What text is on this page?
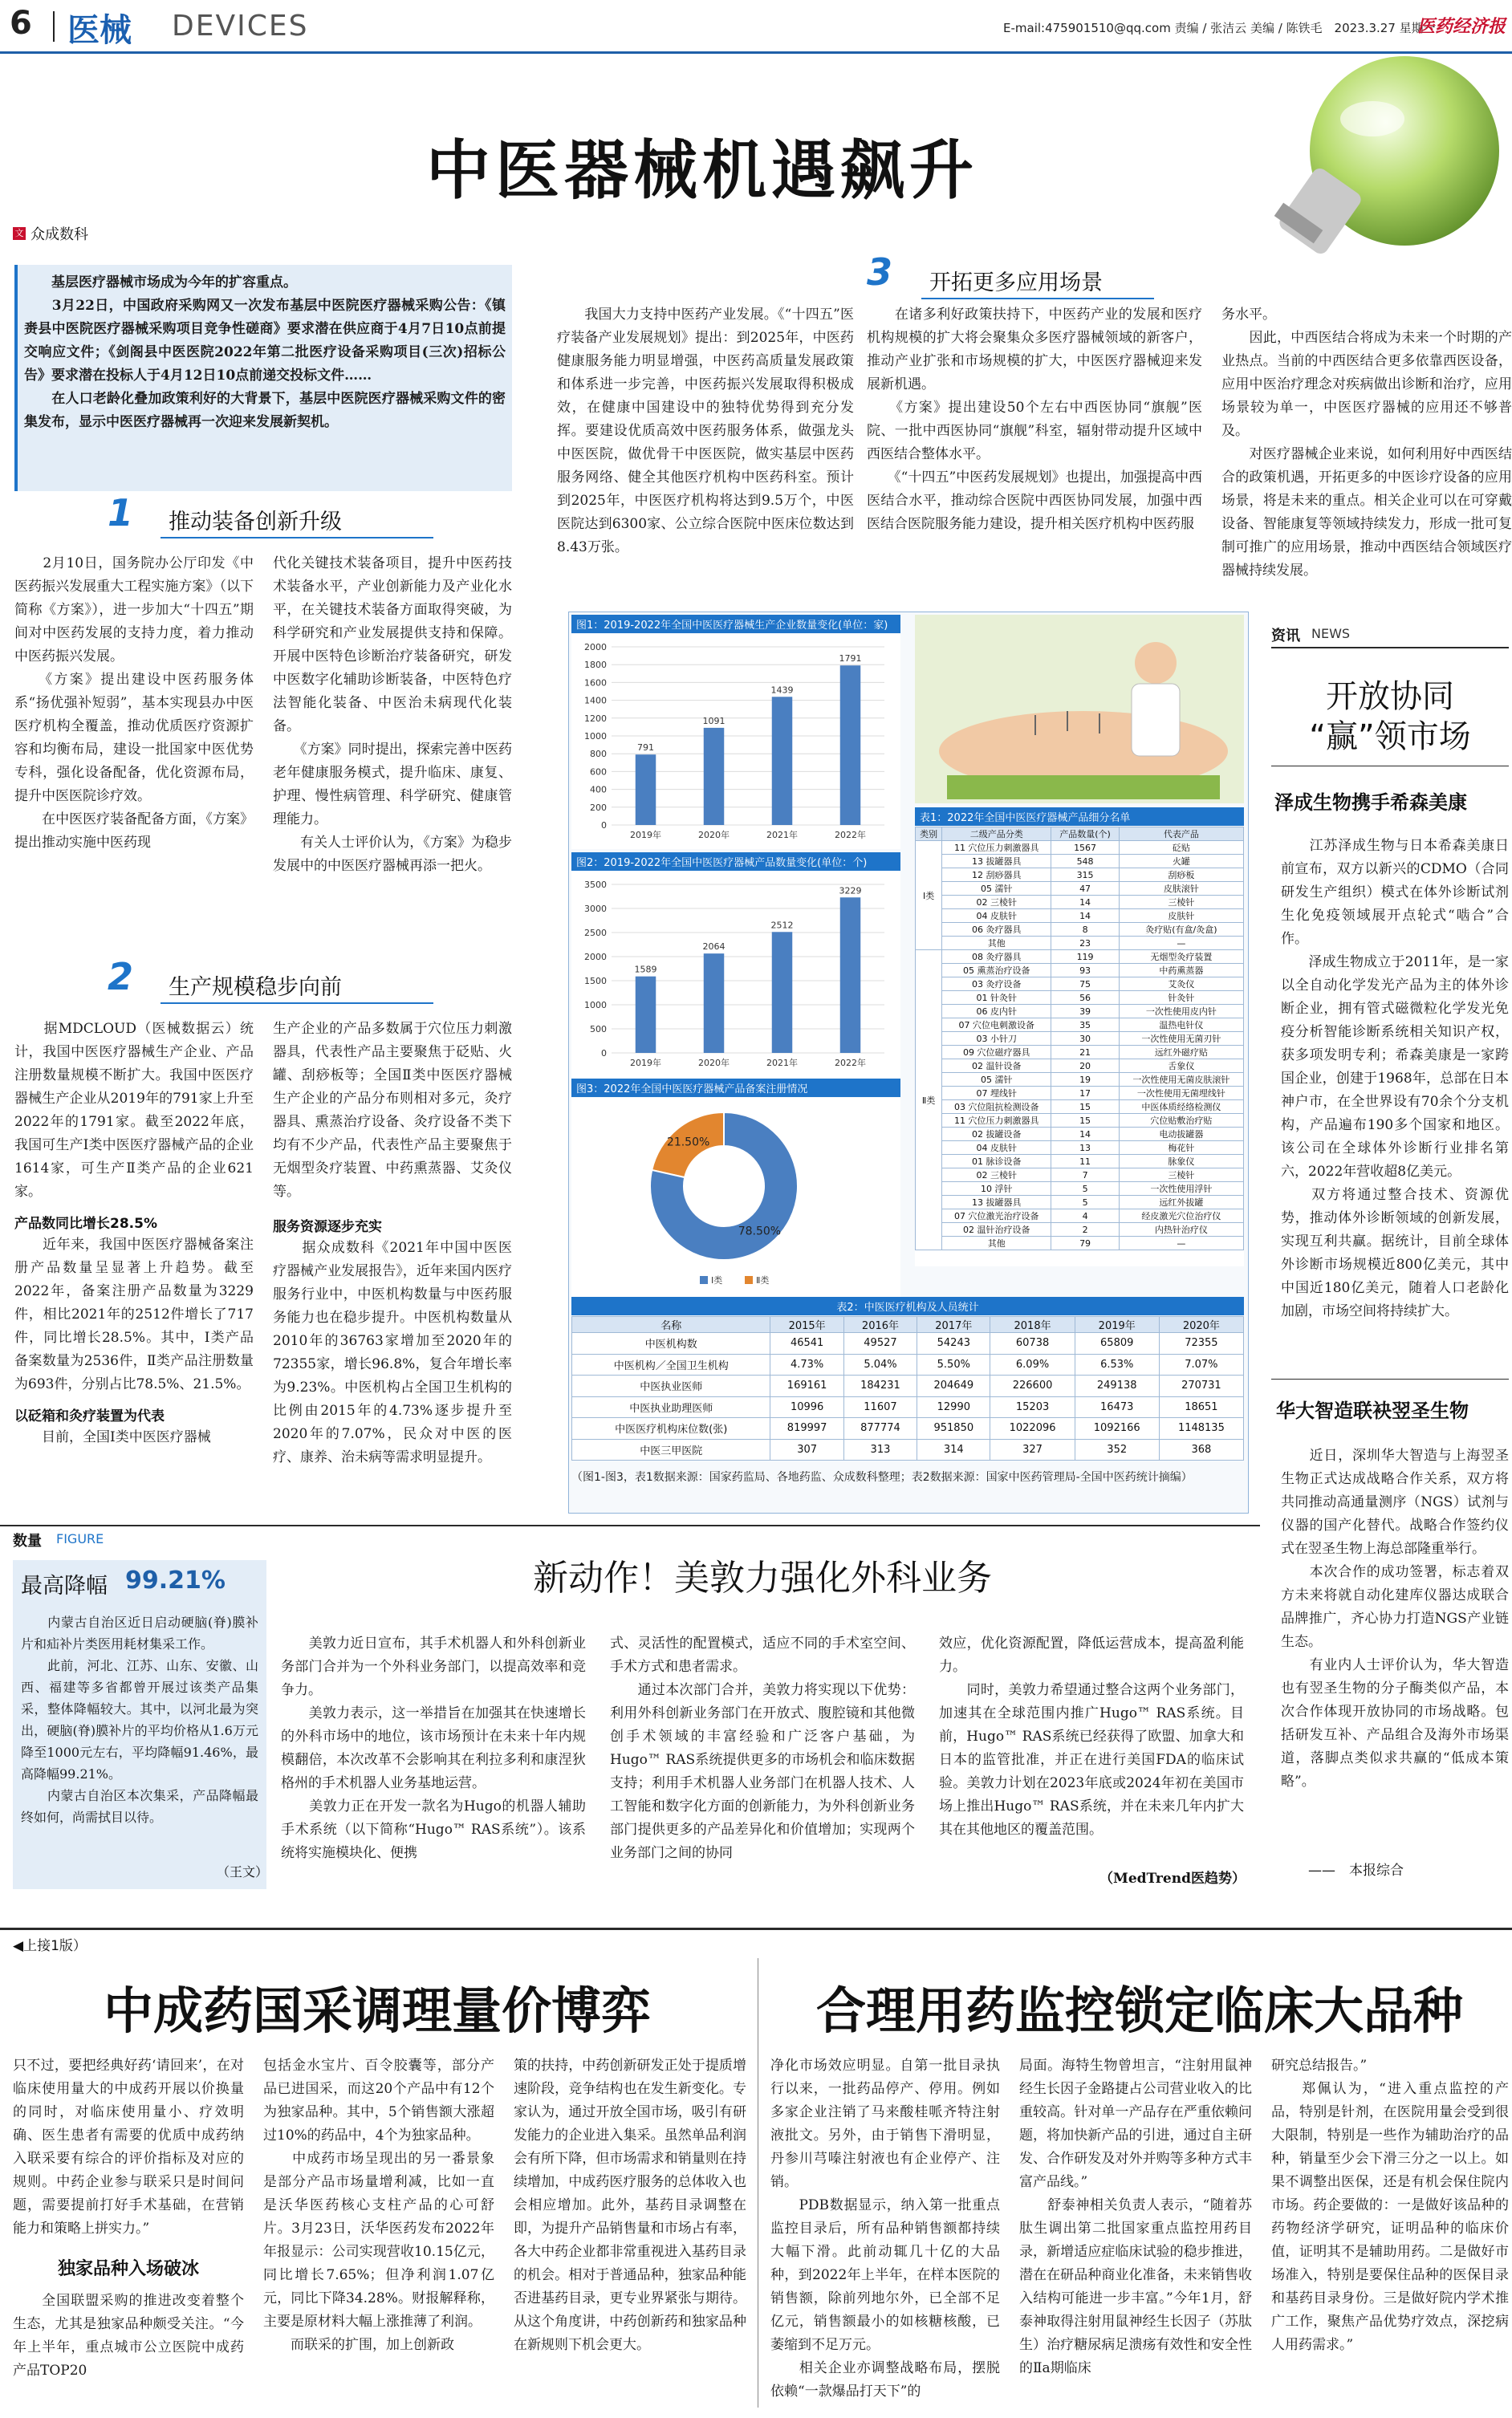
6 医械 DEVICES	E-mail:475901510@qq.com 责编 / 张洁云 美编 / 陈铁毛　2023.3.27 星期一
医药经济报
中医器械机遇飙升
文 众成数科
　　基层医疗器械市场成为今年的扩容重点。
　　3月22日，中国政府采购网又一次发布基层中医院医疗器械采购公告：《镇赉县中医院医疗器械采购项目竞争性磋商》要求潜在供应商于4月7日10点前提交响应文件；《剑阁县中医医院2022年第二批医疗设备采购项目(三次)招标公告》要求潜在投标人于4月12日10点前递交投标文件……
　　在人口老龄化叠加政策利好的大背景下，基层中医院医疗器械采购文件的密集发布，显示中医医疗器械再一次迎来发展新契机。
1	推动装备创新升级
　　2月10日，国务院办公厅印发《中医药振兴发展重大工程实施方案》（以下简称《方案》），进一步加大“十四五”期间对中医药发展的支持力度，着力推动中医药振兴发展。
　　《方案》提出建设中医药服务体系“扬优强补短弱”，基本实现县办中医医疗机构全覆盖，推动优质医疗资源扩容和均衡布局，建设一批国家中医优势专科，强化设备配备，优化资源布局，提升中医医院诊疗效。
　　在中医医疗装备配备方面，《方案》提出推动实施中医药现
代化关键技术装备项目，提升中医药技术装备水平，产业创新能力及产业化水平，在关键技术装备方面取得突破，为科学研究和产业发展提供支持和保障。开展中医特色诊断治疗装备研究，研发中医数字化辅助诊断装备，中医特色疗法智能化装备、中医治未病现代化装备。
　　《方案》同时提出，探索完善中医药老年健康服务模式，提升临床、康复、护理、慢性病管理、科学研究、健康管理能力。
　　有关人士评价认为，《方案》为稳步发展中的中医医疗器械再添一把火。
2	生产规模稳步向前
　　据MDCLOUD（医械数据云）统计，我国中医医疗器械生产企业、产品注册数量规模不断扩大。我国中医医疗器械生产企业从2019年的791家上升至2022年的1791家。截至2022年底，我国可生产Ⅰ类中医医疗器械产品的企业1614家，可生产Ⅱ类产品的企业621家。
产品数同比增长28.5%
　　近年来，我国中医医疗器械备案注册产品数量呈显著上升趋势。截至2022年，备案注册产品数量为3229件，相比2021年的2512件增长了717件，同比增长28.5%。其中，Ⅰ类产品备案数量为2536件，Ⅱ类产品注册数量为693件，分别占比78.5%、21.5%。
以砭箱和灸疗装置为代表
　　目前，全国Ⅰ类中医医疗器械
生产企业的产品多数属于穴位压力刺激器具，代表性产品主要聚焦于砭贴、火罐、刮痧板等；全国Ⅱ类中医医疗器械生产企业的产品分布则相对多元，灸疗器具、熏蒸治疗设备、灸疗设备不类下均有不少产品，代表性产品主要聚焦于无烟型灸疗装置、中药熏蒸器、艾灸仪等。
服务资源逐步充实
　　据众成数科《2021年中国中医医疗器械产业发展报告》，近年来国内医疗服务行业中，中医机构数量与中医药服务能力也在稳步提升。中医机构数量从2010年的36763家增加至2020年的72355家，增长96.8%，复合年增长率为9.23%。中医机构占全国卫生机构的比例由2015年的4.73%逐步提升至2020年的7.07%，民众对中医的医疗、康养、治未病等需求明显提升。
　　我国大力支持中医药产业发展。《“十四五”医疗装备产业发展规划》提出：到2025年，中医药健康服务能力明显增强，中医药高质量发展政策和体系进一步完善，中医药振兴发展取得积极成效，在健康中国建设中的独特优势得到充分发挥。要建设优质高效中医药服务体系，做强龙头中医医院，做优骨干中医医院，做实基层中医药服务网络、健全其他医疗机构中医药科室。预计到2025年，中医医疗机构将达到9.5万个，中医医院达到6300家、公立综合医院中医床位数达到8.43万张。
3	开拓更多应用场景
　　在诸多利好政策扶持下，中医药产业的发展和医疗机构规模的扩大将会聚集众多医疗器械领域的新客户，推动产业扩张和市场规模的扩大，中医医疗器械迎来发展新机遇。
　　《方案》提出建设50个左右中西医协同“旗舰”医院、一批中西医协同“旗舰”科室，辐射带动提升区域中西医结合整体水平。
　　《“十四五”中医药发展规划》也提出，加强提高中西医结合水平，推动综合医院中西医协同发展，加强中西医结合医院服务能力建设，提升相关医疗机构中医药服
务水平。
　　因此，中西医结合将成为未来一个时期的产业热点。当前的中西医结合更多依靠西医设备，应用中医治疗理念对疾病做出诊断和治疗，应用场景较为单一，中医医疗器械的应用还不够普及。
　　对医疗器械企业来说，如何利用好中西医结合的政策机遇，开拓更多的中医诊疗设备的应用场景，将是未来的重点。相关企业可以在可穿戴设备、智能康复等领域持续发力，形成一批可复制可推广的应用场景，推动中西医结合领域医疗器械持续发展。
图1：2019-2022年全国中医医疗器械生产企业数量变化(单位：家)
0
200
400
600
800
1000
1200
1400
1600
1800
2000
791
2019年
1091
2020年
1439
2021年
1791
2022年
图2：2019-2022年全国中医医疗器械产品数量变化(单位：个)
0
500
1000
1500
2000
2500
3000
3500
1589
2019年
2064
2020年
2512
2021年
3229
2022年
图3：2022年全国中医医疗器械产品备案注册情况
21.50%
78.50%
Ⅰ类	Ⅱ类
表1：2022年全国中医医疗器械产品细分名单
类别	二级产品分类	产品数量(个)	代表产品
Ⅰ类	11 穴位压力刺激器具	1567	砭贴
	13 拔罐器具	548	火罐
	12 刮痧器具	315	刮痧板
	05 濡针	47	皮肤滚针
	02 三棱针	14	三棱针
	04 皮肤针	14	皮肤针
	06 灸疗器具	8	灸疗贴(有盒/灸盒)
	其他	23	—
Ⅱ类	08 灸疗器具	119	无烟型灸疗装置
	05 熏蒸治疗设备	93	中药熏蒸器
	03 灸疗设备	75	艾灸仪
	01 针灸针	56	针灸针
	06 皮内针	39	一次性使用皮内针
	07 穴位电刺激设备	35	温热电针仪
	03 小针刀	30	一次性使用无菌刃针
	09 穴位磁疗器具	21	远红外磁疗贴
	02 温针设备	20	舌象仪
	05 濡针	19	一次性使用无菌皮肤滚针
	07 埋线针	17	一次性使用无菌埋线针
	03 穴位阻抗检测设备	15	中医体质经络检测仪
	11 穴位压力刺激器具	15	穴位贴敷治疗贴
	02 拔罐设备	14	电动拔罐器
	04 皮肤针	13	梅花针
	01 脉诊设备	11	脉象仪
	02 三棱针	7	三棱针
	10 浮针	5	一次性使用浮针
	13 拔罐器具	5	远红外拔罐
	07 穴位激光治疗设备	4	经皮激光穴位治疗仪
	02 温针治疗设备	2	内热针治疗仪
	其他	79	—
表2：中医医疗机构及人员统计
名称	2015年	2016年	2017年	2018年	2019年	2020年
中医机构数	46541	49527	54243	60738	65809	72355
中医机构／全国卫生机构	4.73%	5.04%	5.50%	6.09%	6.53%	7.07%
中医执业医师	169161	184231	204649	226600	249138	270731
中医执业助理医师	10996	11607	12990	15203	16473	18651
中医医疗机构床位数(张)	819997	877774	951850	1022096	1092166	1148135
中医三甲医院	307	313	314	327	352	368
（图1-图3，表1数据来源：国家药监局、各地药监、众成数科整理；表2数据来源：国家中医药管理局-全国中医药统计摘编）
资讯 NEWS
开放协同
“赢”领市场
泽成生物携手希森美康
　　江苏泽成生物与日本希森美康日前宣布，双方以新兴的CDMO（合同研发生产组织）模式在体外诊断试剂生化免疫领域展开点轮式“啮合”合作。
　　泽成生物成立于2011年，是一家以全自动化学发光产品为主的体外诊断企业，拥有管式磁微粒化学发光免疫分析智能诊断系统相关知识产权，获多项发明专利；希森美康是一家跨国企业，创建于1968年，总部在日本神户市，在全世界设有70余个分支机构，产品遍布190多个国家和地区。该公司在全球体外诊断行业排名第六，2022年营收超8亿美元。
　　双方将通过整合技术、资源优势，推动体外诊断领域的创新发展，实现互利共赢。据统计，目前全球体外诊断市场规模近800亿美元，其中中国近180亿美元，随着人口老龄化加剧，市场空间将持续扩大。
华大智造联袂翌圣生物
　　近日，深圳华大智造与上海翌圣生物正式达成战略合作关系，双方将共同推动高通量测序（NGS）试剂与仪器的国产化替代。战略合作签约仪式在翌圣生物上海总部隆重举行。
　　本次合作的成功签署，标志着双方未来将就自动化建库仪器达成联合品牌推广，齐心协力打造NGS产业链生态。
　　有业内人士评价认为，华大智造也有翌圣生物的分子酶类似产品，本次合作体现开放协同的市场战略。包括研发互补、产品组合及海外市场渠道，落脚点类似求共赢的“低成本策略”。
——　本报综合
数量 FIGURE
最高降幅 99.21%
　　内蒙古自治区近日启动硬脑(脊)膜补片和疝补片类医用耗材集采工作。
　　此前，河北、江苏、山东、安徽、山西、福建等多省都曾开展过该类产品集采，整体降幅较大。其中，以河北最为突出，硬脑(脊)膜补片的平均价格从1.6万元降至1000元左右，平均降幅91.46%，最高降幅99.21%。
　　内蒙古自治区本次集采，产品降幅最终如何，尚需拭目以待。
（王文）
新动作！美敦力强化外科业务
　　美敦力近日宣布，其手术机器人和外科创新业务部门合并为一个外科业务部门，以提高效率和竞争力。
　　美敦力表示，这一举措旨在加强其在快速增长的外科市场中的地位，该市场预计在未来十年内规模翻倍，本次改革不会影响其在利拉多利和康涅狄格州的手术机器人业务基地运营。
　　美敦力正在开发一款名为Hugo的机器人辅助手术系统（以下简称“Hugo™ RAS系统”）。该系统将实施模块化、便携
式、灵活性的配置模式，适应不同的手术室空间、手术方式和患者需求。
　　通过本次部门合并，美敦力将实现以下优势：利用外科创新业务部门在开放式、腹腔镜和其他微创手术领域的丰富经验和广泛客户基础，为Hugo™ RAS系统提供更多的市场机会和临床数据支持；利用手术机器人业务部门在机器人技术、人工智能和数字化方面的创新能力，为外科创新业务部门提供更多的产品差异化和价值增加；实现两个业务部门之间的协同
效应，优化资源配置，降低运营成本，提高盈利能力。
　　同时，美敦力希望通过整合这两个业务部门，加速其在全球范围内推广Hugo™ RAS系统。目前，Hugo™ RAS系统已经获得了欧盟、加拿大和日本的监管批准，并正在进行美国FDA的临床试验。美敦力计划在2023年底或2024年初在美国市场上推出Hugo™ RAS系统，并在未来几年内扩大其在其他地区的覆盖范围。
（MedTrend医趋势）
◀上接1版）
中成药国采调理量价博弈	合理用药监控锁定临床大品种
只不过，要把经典好药‘请回来’，在对临床使用量大的中成药开展以价换量的同时，对临床使用量小、疗效明确、医生患者有需要的优质中成药纳入联采要有综合的评价指标及对应的规则。中药企业参与联采只是时间问题，需要提前打好手术基础，在营销能力和策略上拼实力。”
独家品种入场破冰
　　全国联盟采购的推进改变着整个生态，尤其是独家品种颇受关注。“今年上半年，重点城市公立医院中成药产品TOP20
包括金水宝片、百令胶囊等，部分产品已进国采，而这20个产品中有12个为独家品种。其中，5个销售额大涨超过10%的药品中，4个为独家品种。
　　中成药市场呈现出的另一番景象是部分产品市场量增利减，比如一直是沃华医药核心支柱产品的心可舒片。3月23日，沃华医药发布2022年年报显示：公司实现营收10.15亿元，同比增长7.65%；但净利润1.07亿元，同比下降34.28%。财报解释称，主要是原材料大幅上涨推薄了利润。
　　而联采的扩围，加上创新政
策的扶持，中药创新研发正处于提质增速阶段，竞争结构也在发生新变化。专家认为，通过开放全国市场，吸引有研发能力的企业进入集采。虽然单品利润会有所下降，但市场需求和销量则在持续增加，中成药医疗服务的总体收入也会相应增加。此外，基药目录调整在即，为提升产品销售量和市场占有率，各大中药企业都非常重视进入基药目录的机会。相对于普通品种，独家品种能否进基药目录，更专业界紧张与期待。从这个角度讲，中药创新药和独家品种在新规则下机会更大。
净化市场效应明显。自第一批目录执行以来，一批药品停产、停用。例如多家企业注销了马来酸桂哌齐特注射液批文。另外，由于销售下滑明显，丹参川芎嗪注射液也有企业停产、注销。
　　PDB数据显示，纳入第一批重点监控目录后，所有品种销售额都持续大幅下滑。此前动辄几十亿的大品种，到2022年上半年，在样本医院的销售额，除前列地尔外，已全部不足亿元，销售额最小的如核糖核酸，已萎缩到不足万元。
　　相关企业亦调整战略布局，摆脱依赖“一款爆品打天下”的
局面。海特生物曾坦言，“注射用鼠神经生长因子金路捷占公司营业收入的比重较高。针对单一产品存在严重依赖问题，将加快新产品的引进，通过自主研发、合作研发及对外并购等多种方式丰富产品线。”
　　舒泰神相关负责人表示，“随着苏肽生调出第二批国家重点监控用药目录，新增适应症临床试验的稳步推进，潜在在研品种商业化准备，未来销售收入结构可能进一步丰富。”今年1月，舒泰神取得注射用鼠神经生长因子（苏肽生）治疗糖尿病足溃疡有效性和安全性的Ⅱa期临床
研究总结报告。”
　　郑佩认为，“进入重点监控的产品，特别是针剂，在医院用量会受到很大限制，特别是一些作为辅助治疗的品种，销量至少会下滑三分之一以上。如果不调整出医保，还是有机会保住院内市场。药企要做的：一是做好该品种的药物经济学研究，证明品种的临床价值，证明其不是辅助用药。二是做好市场准入，特别是要保住品种的医保目录和基药目录身份。三是做好院内学术推广工作，聚焦产品优势疗效点，深挖病人用药需求。”
